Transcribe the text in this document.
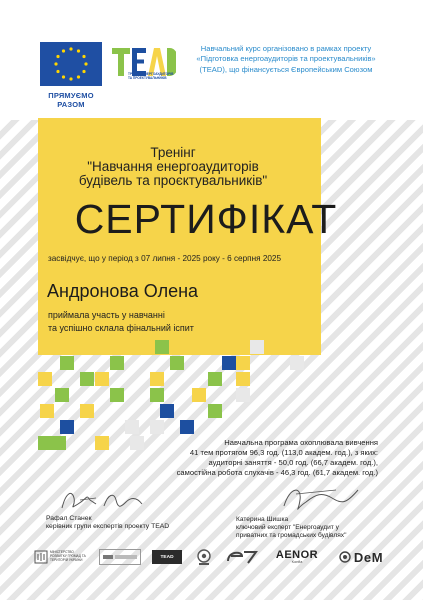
ПРЯМУЄМО РАЗОМ
ТРЕНІНГ ЕНЕРГОАУДИТОРІВ ТА ПРОЕКТУВАЛЬНИКІВ
Навчальний курс організовано в рамках проекту «Підготовка енергоаудиторів та проектувальників» (TEAD), що фінансується Європейським Союзом
Тренінг
"Навчання енергоаудиторів
будівель та проєктувальників"
СЕРТИФІКАТ
засвідчує, що у період з 07 липня - 2025 року - 6 серпня 2025
Андронова Олена
приймала участь у навчанні
та успішно склала фінальний іспит
Навчальна програма охоплювала вивчення
41 тем протягом 96,3 год. (113,0 академ. год.), з яких:
аудиторні заняття - 50,0 год. (66,7 академ. год.),
самостійна робота слухачів - 46,3 год. (61,7 академ. год.)
Рафал Станек
керівник групи експертів проекту TEAD
Катерина Шишка
ключовий експерт "Енергоаудит у
приватних та громадських будівлях"
МІНІСТЕРСТВО РОЗВИТКУ ГРОМАД ТА ТЕРИТОРІЙ УКРАЇНИ
TEAD	AENOR
Konfia	DeM
